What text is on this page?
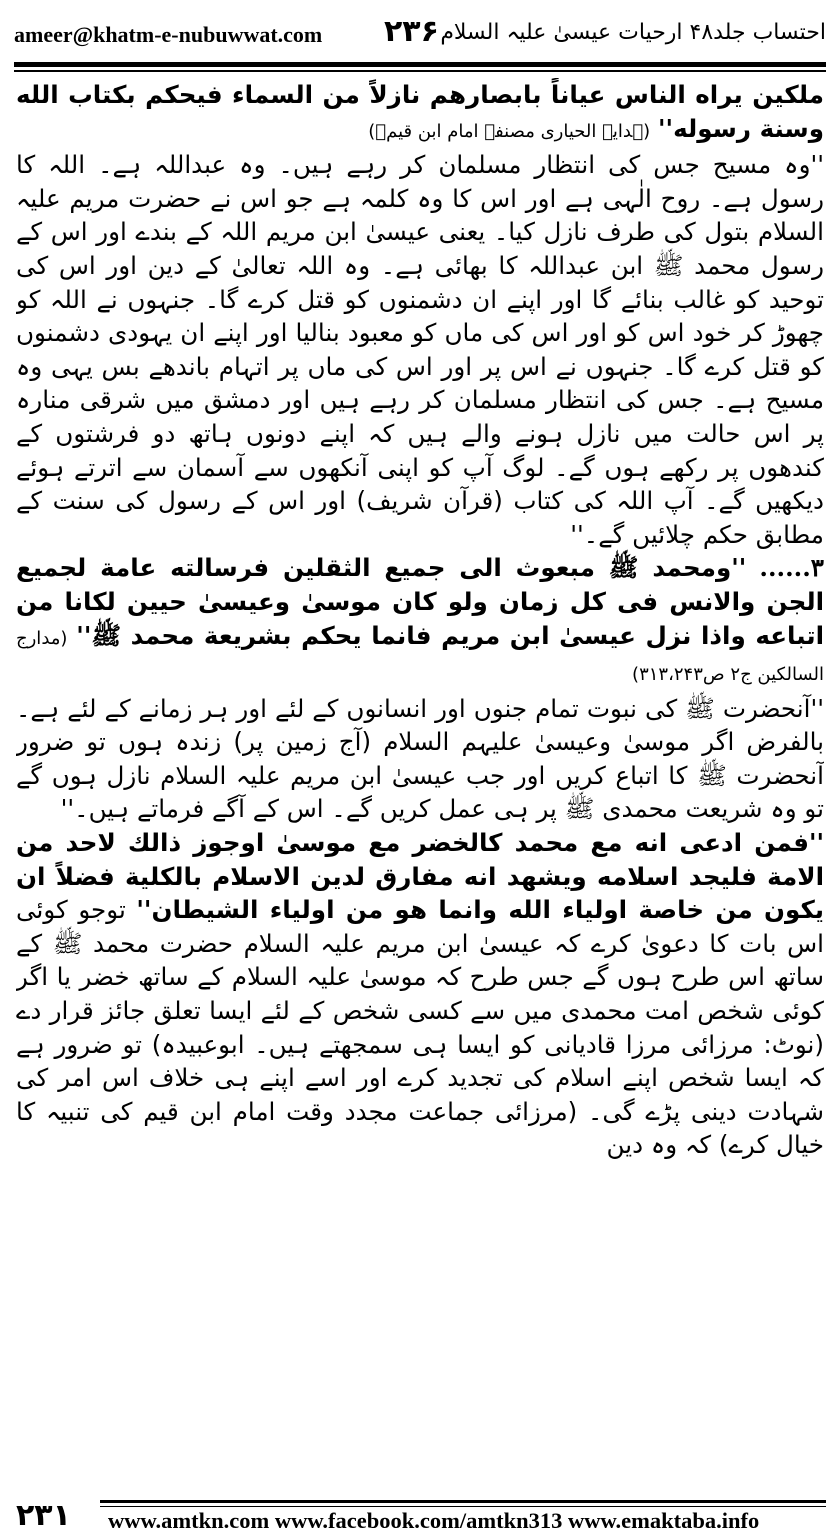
ameer@khatm-e-nubuwwat.com ۲۳۶ احتساب جلد۴۸ ارحیات عیسیٰ علیہ السلام

ملكين يراه الناس عياناً بابصارهم نازلاً من السماء فيحكم بكتاب الله وسنة رسوله'' (ہدایۃ الحیاری مصنفہ امام ابن قیمؒ)

''وہ مسیح جس کی انتظار مسلمان کر رہے ہیں۔ وہ عبداللہ ہے۔ اللہ کا رسول ہے۔ روح الٰہی ہے اور اس کا وہ کلمہ ہے جو اس نے حضرت مریم علیہ السلام بتول کی طرف نازل کیا۔ یعنی عیسیٰ ابن مریم اللہ کے بندے اور اس کے رسول محمد ﷺ ابن عبداللہ کا بھائی ہے۔ وہ اللہ تعالیٰ کے دین اور اس کی توحید کو غالب بنائے گا اور اپنے ان دشمنوں کو قتل کرے گا۔ جنہوں نے اللہ کو چھوڑ کر خود اس کو اور اس کی ماں کو معبود بنالیا اور اپنے ان یہودی دشمنوں کو قتل کرے گا۔ جنہوں نے اس پر اور اس کی ماں پر اتہام باندھے بس یہی وہ مسیح ہے۔ جس کی انتظار مسلمان کر رہے ہیں اور دمشق میں شرقی منارہ پر اس حالت میں نازل ہونے والے ہیں کہ اپنے دونوں ہاتھ دو فرشتوں کے کندھوں پر رکھے ہوں گے۔ لوگ آپ کو اپنی آنکھوں سے آسمان سے اترتے ہوئے دیکھیں گے۔ آپ اللہ کی کتاب (قرآن شریف) اور اس کے رسول کی سنت کے مطابق حکم چلائیں گے۔''

۳...... ''ومحمد ﷺ مبعوث الى جميع الثقلين فرسالته عامة لجميع الجن والانس فى كل زمان ولو كان موسىٰ وعيسىٰ حيين لكانا من اتباعه واذا نزل عيسىٰ ابن مريم فانما يحكم بشريعة محمد ﷺ'' (مدارج السالکین ج۲ ص۳۱۳،۲۴۳)

''آنحضرت ﷺ کی نبوت تمام جنوں اور انسانوں کے لئے اور ہر زمانے کے لئے ہے۔ بالفرض اگر موسیٰ وعیسیٰ علیہم السلام (آج زمین پر) زندہ ہوں تو ضرور آنحضرت ﷺ کا اتباع کریں اور جب عیسیٰ ابن مریم علیہ السلام نازل ہوں گے تو وہ شریعت محمدی ﷺ پر ہی عمل کریں گے۔ اس کے آگے فرماتے ہیں۔''

''فمن ادعى انه مع محمد كالخضر مع موسىٰ اوجوز ذالك لاحد من الامة فليجد اسلامه ويشهد انه مفارق لدين الاسلام بالكلية فضلاً ان يكون من خاصة اولياء الله وانما هو من اولياء الشيطان'' توجو کوئی اس بات کا دعویٰ کرے کہ عیسیٰ ابن مریم علیہ السلام حضرت محمد ﷺ کے ساتھ اس طرح ہوں گے جس طرح کہ موسیٰ علیہ السلام کے ساتھ خضر یا اگر کوئی شخص امت محمدی میں سے کسی شخص کے لئے ایسا تعلق جائز قرار دے (نوٹ: مرزائی مرزا قادیانی کو ایسا ہی سمجھتے ہیں۔ ابوعبیدہ) تو ضرور ہے کہ ایسا شخص اپنے اسلام کی تجدید کرے اور اسے اپنے ہی خلاف اس امر کی شہادت دینی پڑے گی۔ (مرزائی جماعت مجدد وقت امام ابن قیم کی تنبیہ کا خیال کرے) کہ وہ دین

۲۳۱ www.amtkn.com www.facebook.com/amtkn313 www.emaktaba.info
